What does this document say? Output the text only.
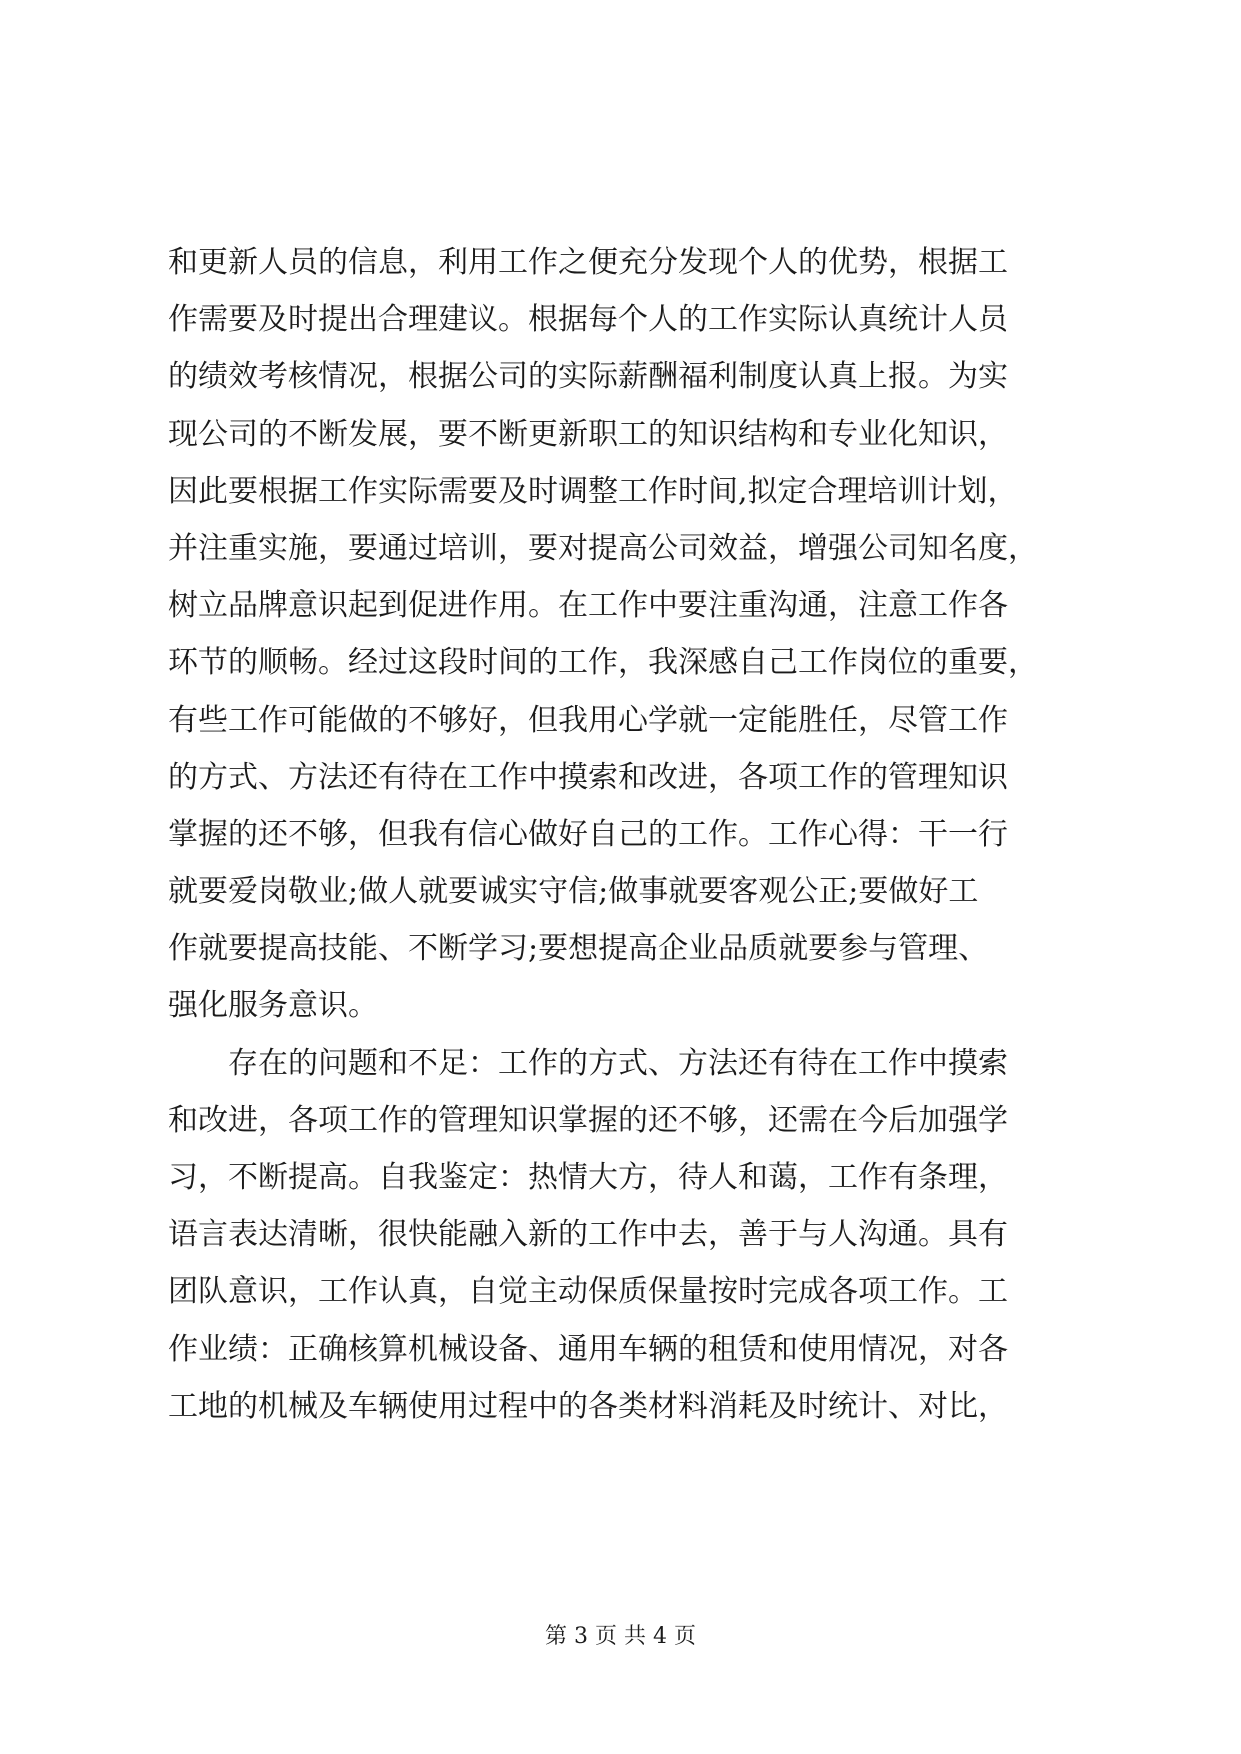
和更新人员的信息，利用工作之便充分发现个人的优势，根据工
作需要及时提出合理建议。根据每个人的工作实际认真统计人员
的绩效考核情况，根据公司的实际薪酬福利制度认真上报。为实
现公司的不断发展，要不断更新职工的知识结构和专业化知识，
因此要根据工作实际需要及时调整工作时间,拟定合理培训计划，
并注重实施，要通过培训，要对提高公司效益，增强公司知名度，
树立品牌意识起到促进作用。在工作中要注重沟通，注意工作各
环节的顺畅。经过这段时间的工作，我深感自己工作岗位的重要，
有些工作可能做的不够好，但我用心学就一定能胜任，尽管工作
的方式、方法还有待在工作中摸索和改进，各项工作的管理知识
掌握的还不够，但我有信心做好自己的工作。工作心得：干一行
就要爱岗敬业;做人就要诚实守信;做事就要客观公正;要做好工
作就要提高技能、不断学习;要想提高企业品质就要参与管理、
强化服务意识。
　　存在的问题和不足：工作的方式、方法还有待在工作中摸索
和改进，各项工作的管理知识掌握的还不够，还需在今后加强学
习，不断提高。自我鉴定：热情大方，待人和蔼，工作有条理，
语言表达清晰，很快能融入新的工作中去，善于与人沟通。具有
团队意识，工作认真，自觉主动保质保量按时完成各项工作。工
作业绩：正确核算机械设备、通用车辆的租赁和使用情况，对各
工地的机械及车辆使用过程中的各类材料消耗及时统计、对比，
第 3 页 共 4 页
